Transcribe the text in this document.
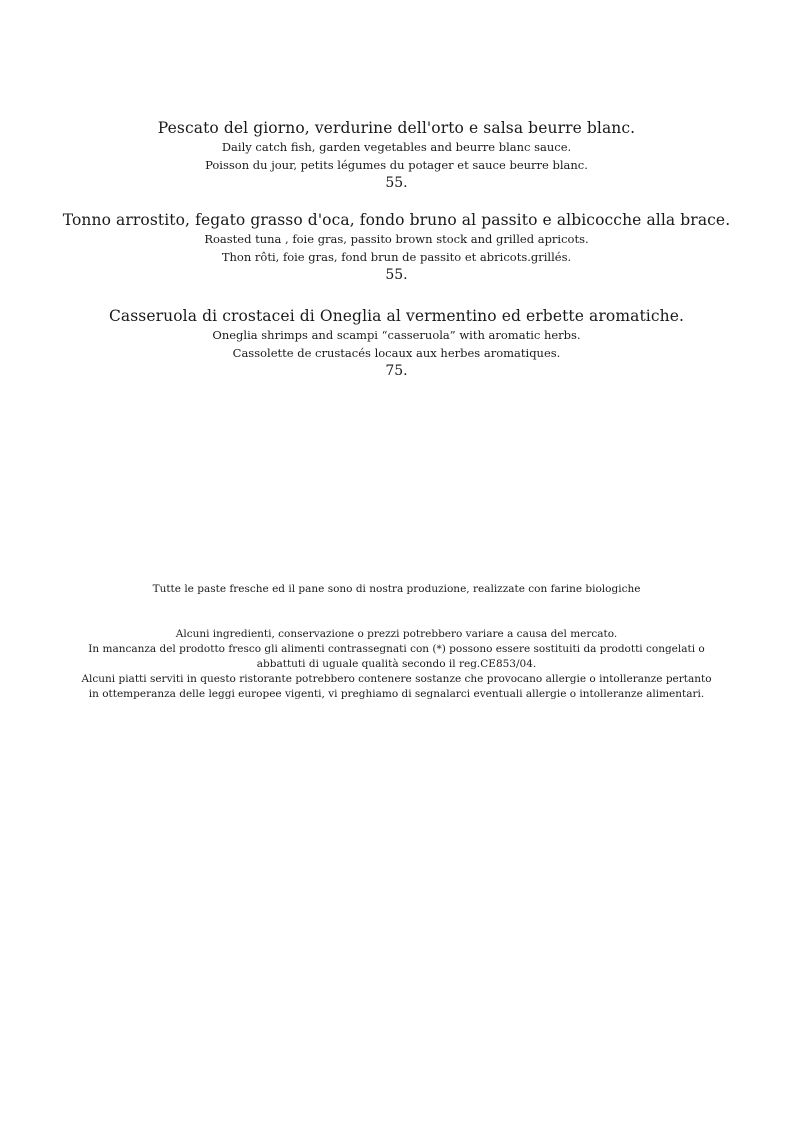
Pescato del giorno, verdurine dell'orto e salsa beurre blanc.
Daily catch fish, garden vegetables and beurre blanc sauce.
Poisson du jour, petits légumes du potager et sauce beurre blanc.
55.
Tonno arrostito, fegato grasso d'oca, fondo bruno al passito e albicocche alla brace.
Roasted tuna , foie gras, passito brown stock and grilled apricots.
Thon rôti, foie gras, fond brun de passito et abricots.grillés.
55.
Casseruola di crostacei di Oneglia al vermentino ed erbette aromatiche.
Oneglia shrimps and scampi “casseruola” with aromatic herbs.
Cassolette de crustacés locaux aux herbes aromatiques.
75.
Tutte le paste fresche ed il pane sono di nostra produzione, realizzate con farine biologiche
Alcuni ingredienti, conservazione o prezzi potrebbero variare a causa del mercato.
In mancanza del prodotto fresco gli alimenti contrassegnati con (*) possono essere sostituiti da prodotti congelati o
abbattuti di uguale qualità secondo il reg.CE853/04.
Alcuni piatti serviti in questo ristorante potrebbero contenere sostanze che provocano allergie o intolleranze pertanto
in ottemperanza delle leggi europee vigenti, vi preghiamo di segnalarci eventuali allergie o intolleranze alimentari.
